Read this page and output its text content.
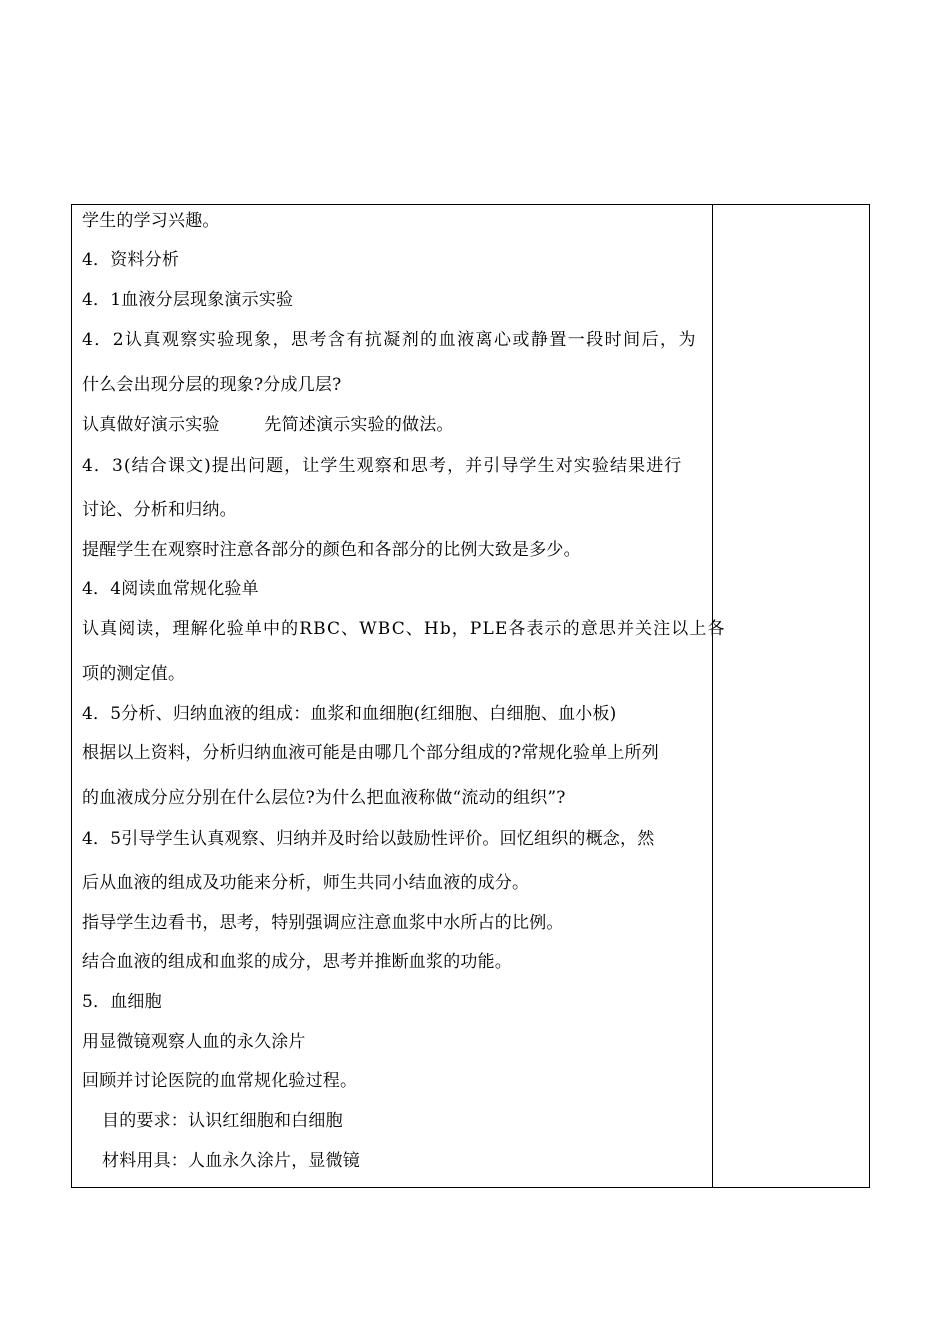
学生的学习兴趣。
4．资料分析
4．1血液分层现象演示实验
4．2认真观察实验现象，思考含有抗凝剂的血液离心或静置一段时间后，为
什么会出现分层的现象?分成几层?
认真做好演示实验        先简述演示实验的做法。
4．3(结合课文)提出问题，让学生观察和思考，并引导学生对实验结果进行
讨论、分析和归纳。
提醒学生在观察时注意各部分的颜色和各部分的比例大致是多少。
4．4阅读血常规化验单
认真阅读，理解化验单中的RBC、WBC、Hb，PLE各表示的意思并关注以上各
项的测定值。
4．5分析、归纳血液的组成：血浆和血细胞(红细胞、白细胞、血小板)
根据以上资料，分析归纳血液可能是由哪几个部分组成的?常规化验单上所列
的血液成分应分别在什么层位?为什么把血液称做“流动的组织”?
4．5引导学生认真观察、归纳并及时给以鼓励性评价。回忆组织的概念，然
后从血液的组成及功能来分析，师生共同小结血液的成分。
指导学生边看书，思考，特别强调应注意血浆中水所占的比例。
结合血液的组成和血浆的成分，思考并推断血浆的功能。
5．血细胞
用显微镜观察人血的永久涂片
回顾并讨论医院的血常规化验过程。
目的要求：认识红细胞和白细胞
材料用具：人血永久涂片，显微镜
